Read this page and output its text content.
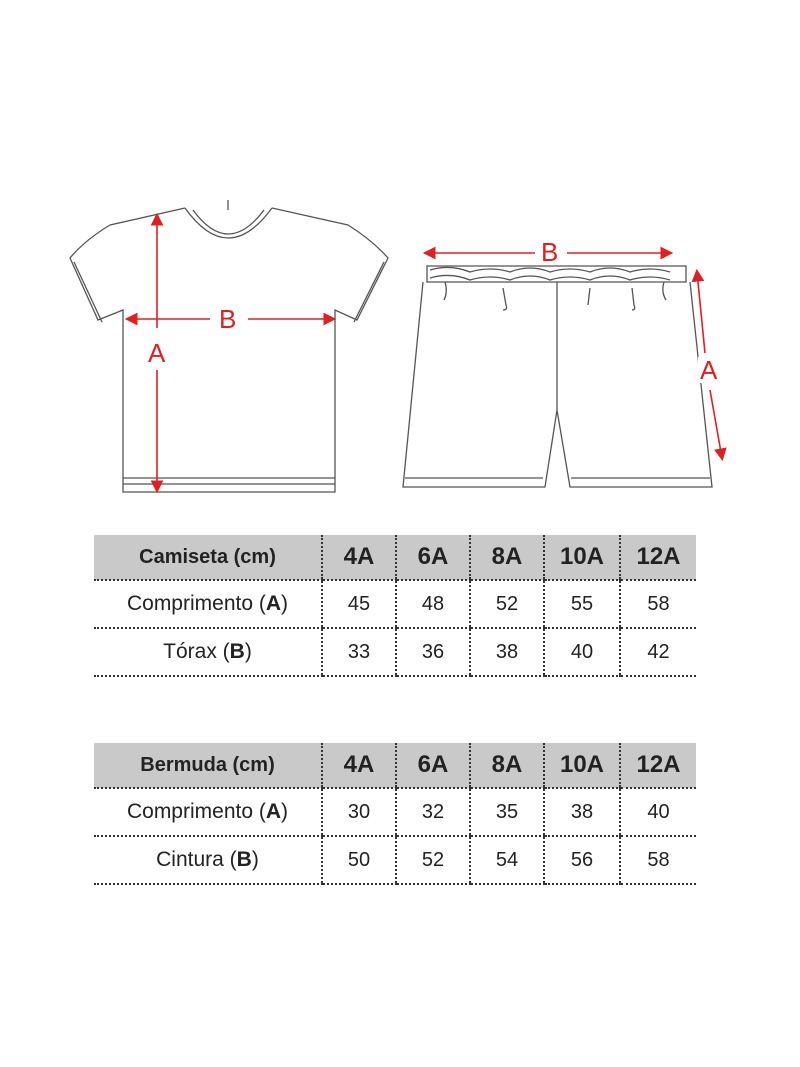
A
B
B
A
Camiseta (cm)	4A	6A	8A	10A	12A
Comprimento (A)	45	48	52	55	58
Tórax (B)	33	36	38	40	42
Bermuda (cm)	4A	6A	8A	10A	12A
Comprimento (A)	30	32	35	38	40
Cintura (B)	50	52	54	56	58
